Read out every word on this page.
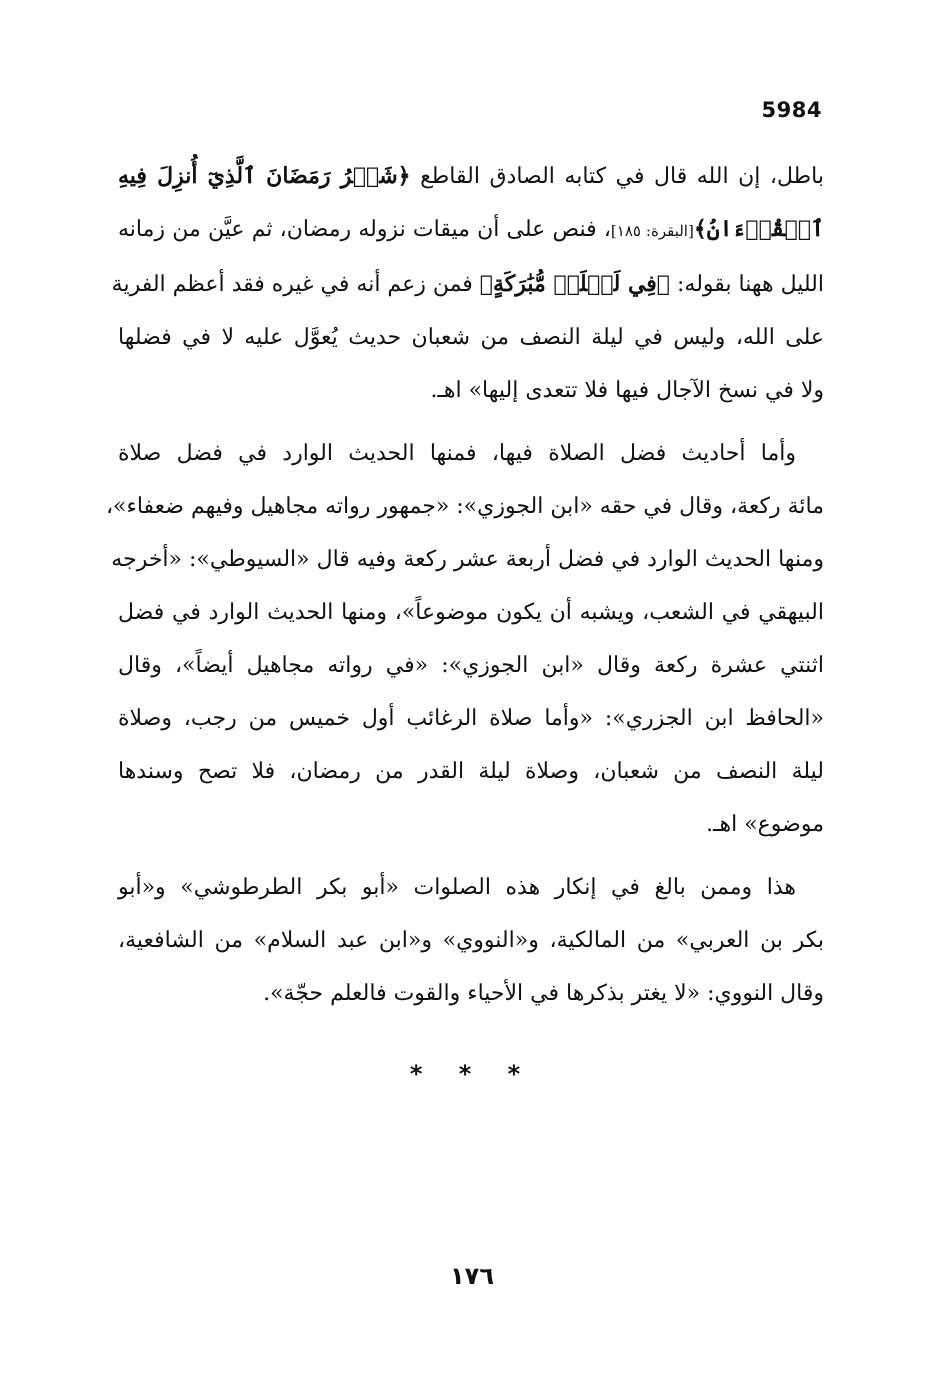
5984

باطل، إن الله قال في كتابه الصادق القاطع ﴿شَهۡرُ رَمَضَانَ ٱلَّذِيٓ أُنزِلَ فِيهِ
ٱلۡقُرۡءَانُ﴾[البقرة: ١٨٥]، فنص على أن ميقات نزوله رمضان، ثم عيَّن من زمانه
الليل ههنا بقوله: ﴿فِي لَيۡلَةٖ مُّبَٰرَكَةٍ﴾ فمن زعم أنه في غيره فقد أعظم الفرية
على الله، وليس في ليلة النصف من شعبان حديث يُعوَّل عليه لا في فضلها
ولا في نسخ الآجال فيها فلا تتعدى إليها» اهـ.

وأما أحاديث فضل الصلاة فيها، فمنها الحديث الوارد في فضل صلاة
مائة ركعة، وقال في حقه «ابن الجوزي»: «جمهور رواته مجاهيل وفيهم ضعفاء»،
ومنها الحديث الوارد في فضل أربعة عشر ركعة وفيه قال «السيوطي»: «أخرجه
البيهقي في الشعب، ويشبه أن يكون موضوعاً»، ومنها الحديث الوارد في فضل
اثنتي عشرة ركعة وقال «ابن الجوزي»: «في رواته مجاهيل أيضاً»، وقال
«الحافظ ابن الجزري»: «وأما صلاة الرغائب أول خميس من رجب، وصلاة
ليلة النصف من شعبان، وصلاة ليلة القدر من رمضان، فلا تصح وسندها
موضوع» اهـ.

هذا وممن بالغ في إنكار هذه الصلوات «أبو بكر الطرطوشي» و«أبو
بكر بن العربي» من المالكية، و«النووي» و«ابن عبد السلام» من الشافعية،
وقال النووي: «لا يغتر بذكرها في الأحياء والقوت فالعلم حجّة».

* * *
١٧٦
